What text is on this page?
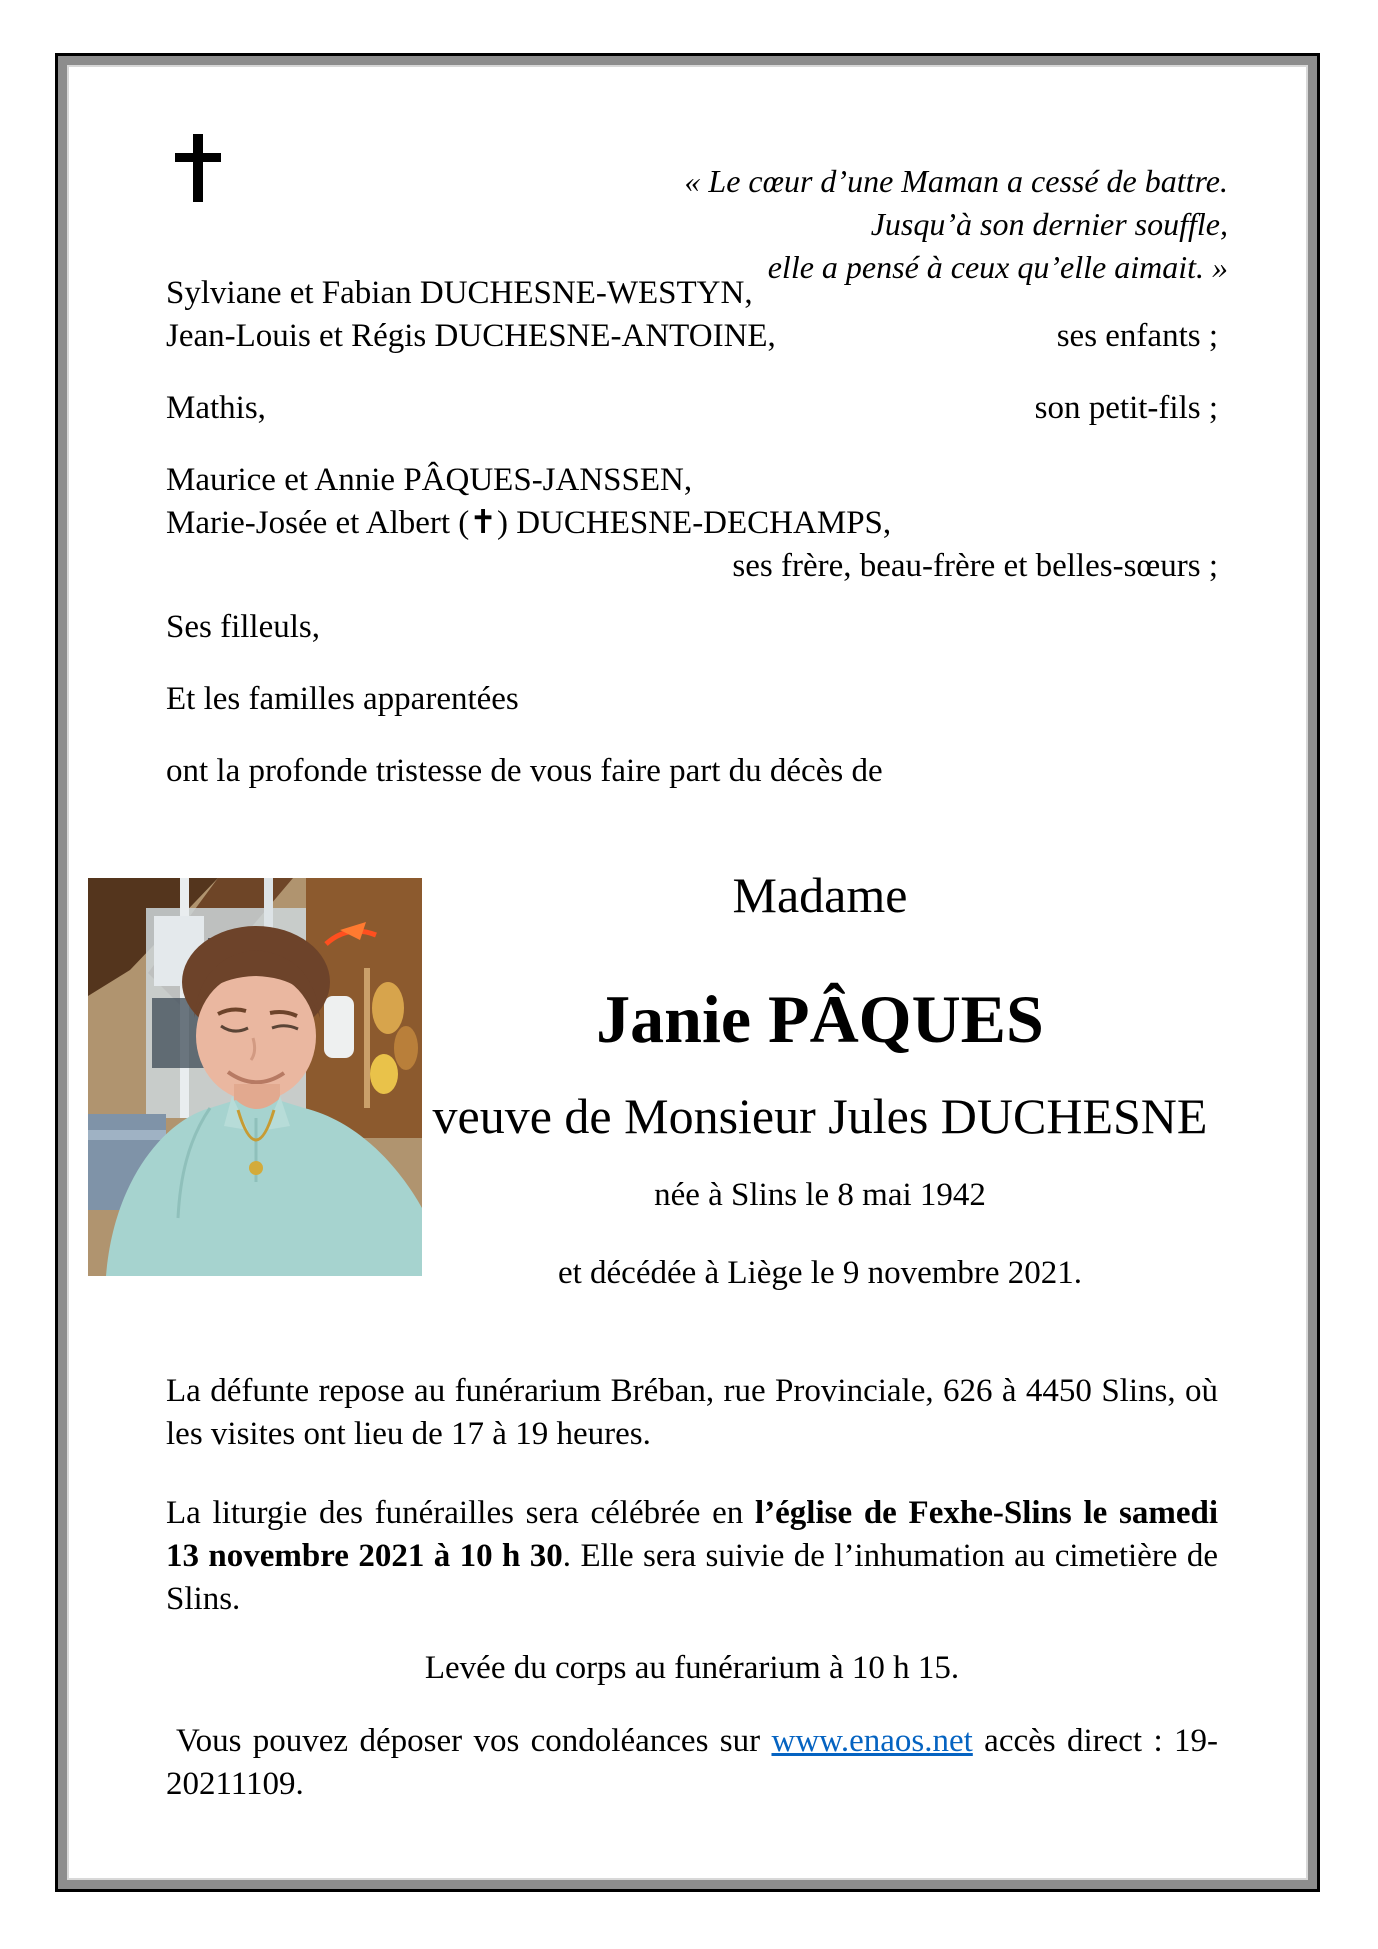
« Le cœur d’une Maman a cessé de battre.
Jusqu’à son dernier souffle,
elle a pensé à ceux qu’elle aimait. »
Sylviane et Fabian DUCHESNE-WESTYN,
Jean-Louis et Régis DUCHESNE-ANTOINE,	ses enfants ;
Mathis,	son petit-fils ;
Maurice et Annie PÂQUES-JANSSEN,
Marie-Josée et Albert (✝) DUCHESNE-DECHAMPS,
ses frère, beau-frère et belles-sœurs ;
Ses filleuls,
Et les familles apparentées
ont la profonde tristesse de vous faire part du décès de
Madame
Janie PÂQUES
veuve de Monsieur Jules DUCHESNE
née à Slins le 8 mai 1942
et décédée à Liège le 9 novembre 2021.
La défunte repose au funérarium Bréban, rue Provinciale, 626 à 4450 Slins, où les visites ont lieu de 17 à 19 heures.
La liturgie des funérailles sera célébrée en l’église de Fexhe-Slins le samedi 13 novembre 2021 à 10 h 30. Elle sera suivie de l’inhumation au cimetière de Slins.
Levée du corps au funérarium à 10 h 15.
Vous pouvez déposer vos condoléances sur www.enaos.net accès direct : 19-20211109.
